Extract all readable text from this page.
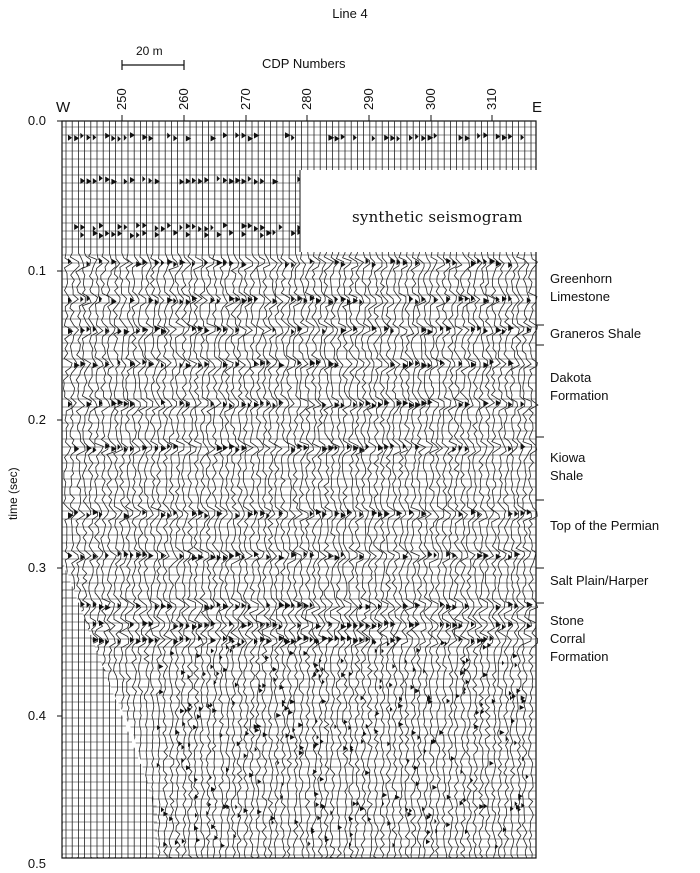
Line 4
20 m
CDP Numbers
W	E
250	260	270	280	290	300	310
0.0
0.1
0.2
0.3
0.4
0.5
time (sec)
synthetic seismogram
Greenhorn
Limestone
Graneros Shale
Dakota
Formation
Kiowa
Shale
Top of the Permian
Salt Plain/Harper
Stone
Corral
Formation
